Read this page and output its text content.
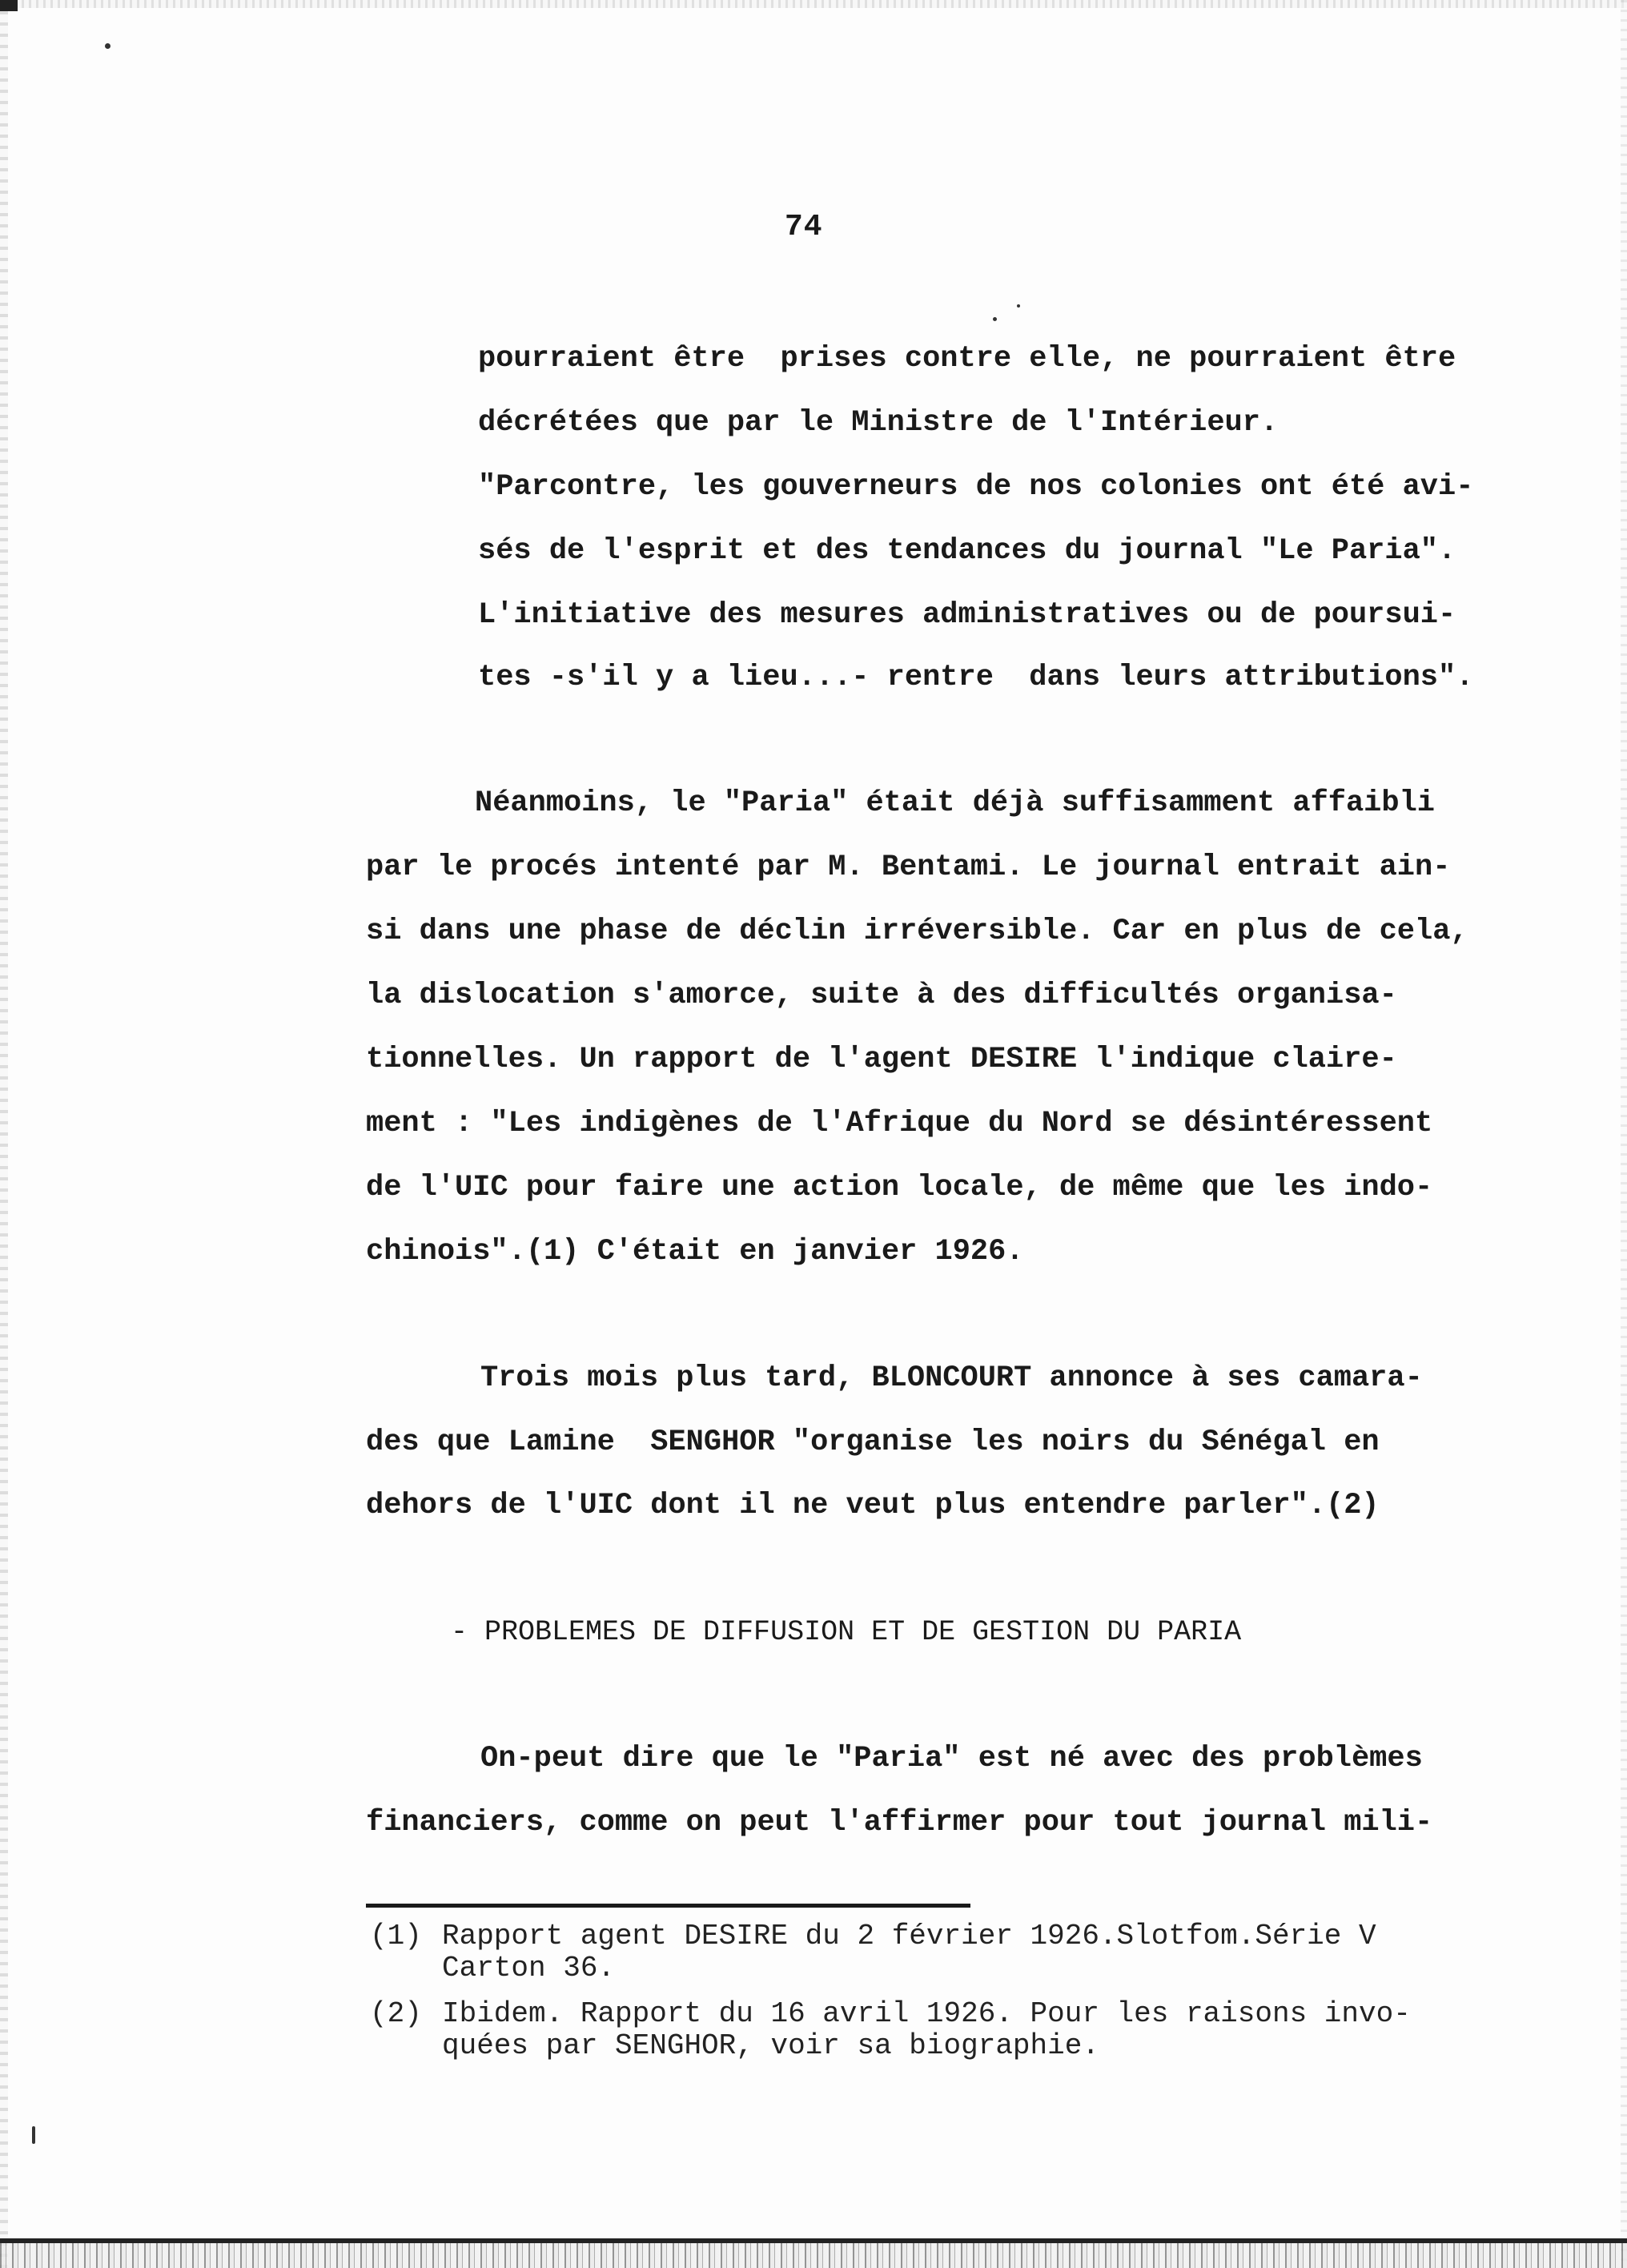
74
pourraient être  prises contre elle, ne pourraient être
décrétées que par le Ministre de l'Intérieur.
"Parcontre, les gouverneurs de nos colonies ont été avi-
sés de l'esprit et des tendances du journal "Le Paria".
L'initiative des mesures administratives ou de poursui-
tes -s'il y a lieu...- rentre  dans leurs attributions".
Néanmoins, le "Paria" était déjà suffisamment affaibli
par le procés intenté par M. Bentami. Le journal entrait ain-
si dans une phase de déclin irréversible. Car en plus de cela,
la dislocation s'amorce, suite à des difficultés organisa-
tionnelles. Un rapport de l'agent DESIRE l'indique claire-
ment : "Les indigènes de l'Afrique du Nord se désintéressent
de l'UIC pour faire une action locale, de même que les indo-
chinois".(1) C'était en janvier 1926.
Trois mois plus tard, BLONCOURT annonce à ses camara-
des que Lamine  SENGHOR "organise les noirs du Sénégal en
dehors de l'UIC dont il ne veut plus entendre parler".(2)
- PROBLEMES DE DIFFUSION ET DE GESTION DU PARIA
On-peut dire que le "Paria" est né avec des problèmes
financiers, comme on peut l'affirmer pour tout journal mili-

(1)

Rapport agent DESIRE du 2 février 1926.Slotfom.Série V

Carton 36.

(2)

Ibidem. Rapport du 16 avril 1926. Pour les raisons invo-

quées par SENGHOR, voir sa biographie.
